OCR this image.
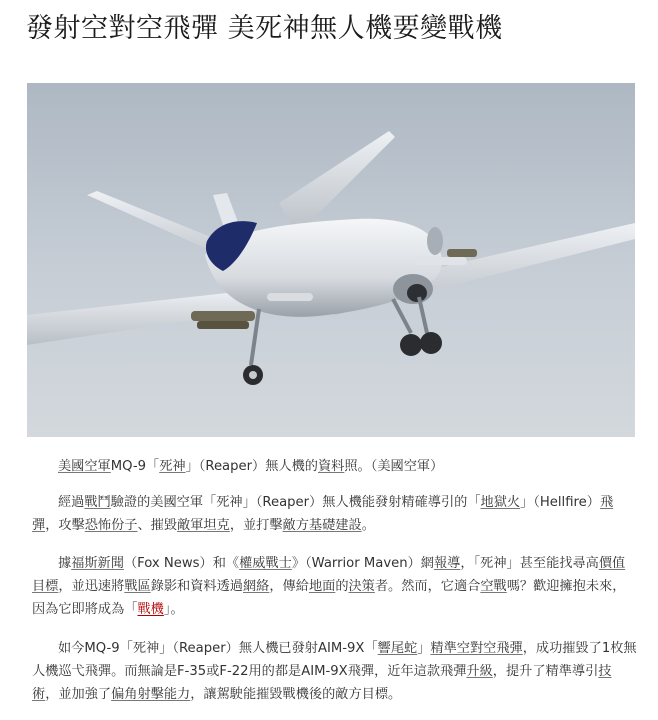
發射空對空飛彈 美死神無人機要變戰機

美國空軍MQ-9「死神」（Reaper）無人機的資料照。（美國空軍）

經過戰鬥驗證的美國空軍「死神」（Reaper）無人機能發射精確導引的「地獄火」（Hellfire）飛彈，攻擊恐怖份子、摧毀敵軍坦克，並打擊敵方基礎建設。

據福斯新聞（Fox News）和《權威戰士》（Warrior Maven）網報導，「死神」甚至能找尋高價值目標，並迅速將戰區錄影和資料透過網絡，傳給地面的決策者。然而，它適合空戰嗎？歡迎擁抱未來，因為它即將成為「戰機」。

如今MQ-9「死神」（Reaper）無人機已發射AIM-9X「響尾蛇」精準空對空飛彈，成功摧毀了1枚無人機巡弋飛彈。而無論是F-35或F-22用的都是AIM-9X飛彈，近年這款飛彈升級，提升了精準導引技術，並加強了偏角射擊能力，讓駕駛能摧毀戰機後的敵方目標。
